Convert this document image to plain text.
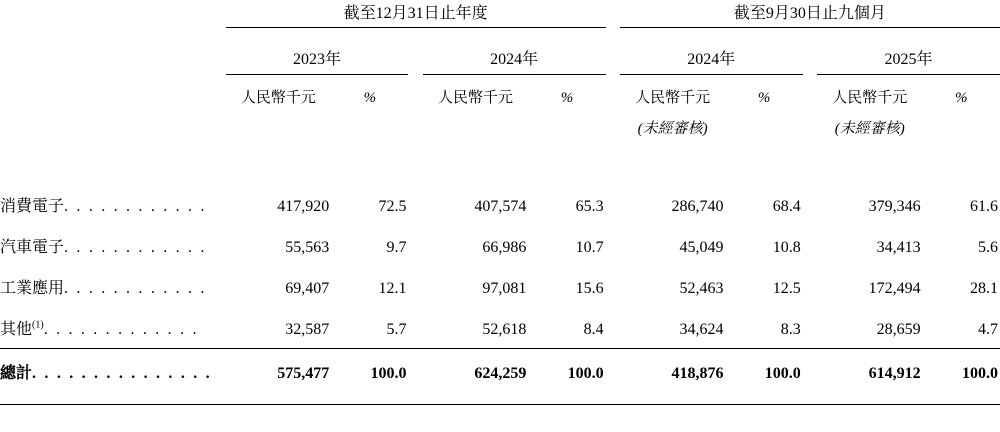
	截至12月31日止年度						截至9月30日止九個月				

	2023年			2024年			2024年			2025年	
	人民幣千元	%		人民幣千元	%		人民幣千元	%		人民幣千元	%
							(未經審核)			(未經審核)	

消費電子. . . . . . . . . . . .	417,920	72.5		407,574	65.3		286,740	68.4		379,346	61.6
汽車電子. . . . . . . . . . . .	55,563	9.7		66,986	10.7		45,049	10.8		34,413	5.6
工業應用. . . . . . . . . . . .	69,407	12.1		97,081	15.6		52,463	12.5		172,494	28.1
其他$^{(1)}$. . . . . . . . . . . . .	32,587	5.7		52,618	8.4		34,624	8.3		28,659	4.7
總計. . . . . . . . . . . . . . .	575,477	100.0		624,259	100.0		418,876	100.0		614,912	100.0
